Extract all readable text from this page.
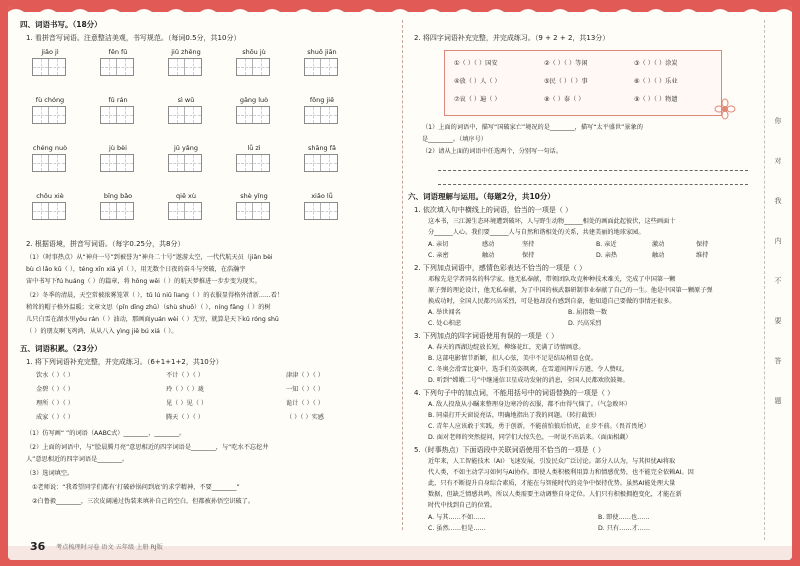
四、词语书写。（18分）
1. 看拼音写词语。注意整洁美观，书写规范。（每词0.5分，共10分）
jiǎo jì	fēn fū	jiǔ zhēng	shǒu jù	shuō jiān
fù chóng	fǔ rán	sì wǔ	gāng luò	fǒng jiē
chéng nuò	jù bèi	jū yǎng	lǚ zì	shāng fǎ
chōu xiè	bīng bǎo	qiē xù	shè yǐng	xiǎo lǚ
2. 根据语境，拼音写词语。（每字0.25分，共8分）
（1）（时事热点）从“神舟一号”到被誉为“神舟二十号”遨游太空，一代代航天员（jiān bèi
bù cì lǎo kǔ（ ），téng xīn xiǎ yǐ（ ），用无数个日夜的奋斗与突破，在浩瀚宇
宙中书写下fú huáng（ ）的篇章，将 hōng wěi（ ）的航天梦推进一步步变为现实。
（2）冬季的清晨，天空常被浓雾笼罩（ ），tǔ lú niǔ lìang（ ）的衣服显得格外清新......看！
稍耸的帽子格外温暖；文章文思（pǐn dīng zhū）（shù shuō）（ ），níng fāng（ ）的树
儿只白雪在湖水里yǒu rán（ ）油动，那画面yuán wèi（ ）无穷，就算是天下kǔ róng shū
（ ）的朋友啊飞鸡鸿，从从八入 yìng jiē bú xiá（ ）。
五、词语积累。（23分）
1. 将下列词语补充完整，并完成练习。（6+1+1+2，共10分）
饮水（ ）（ ）	不计（ ）（ ）	津津（ ）（ ）
金碧（ ）（ ）	玲（ ）（ ）珑	一知（ ）（ ）
理所（ ）（ ）	见（ ）见（ ）	诡计（ ）（ ）
成家（ ）（ ）	腾天（ ）（ ）	（ ）（ ）实感
（1）仿写画“ ”的词语（AABC式）________、________。
（2）上面的词语中，与“脍晨腾月亮”意思相近的四字词语是________，与“吃水不忘挖井
人”意思相近的四字词语是________。
（3）选词填空。
①老师说：“我希望同学们都有‘打破砂锅问到底’的求学精神，不要________”
②白鲁毅________，三次皮阔通过伪装来填补自己的空白，但都被孙悟空识破了。
36 考点梳理时习卷 语文 五年级 上册 RJ版
2. 将四字词语补充完整，并完成练习。（9 + 2 + 2，共13分）
①（ ）（ ）国安	②（ ）（ ）等闲	③（ ）（ ）涂炭
④放（ ）人（ ）	⑤民（ ）（ ）事	⑥（ ）（ ）乐业
⑦哀（ ）遍（ ）	⑧（ ）泰（ ）	⑨（ ）（ ）物遗
（1）上面的词语中，描写“国破家亡”境况的是________，描写“太平盛世”景象的
是________。（填序号）
（2）请从上面的词语中任选两个，分别写一句话。
六、词语理解与运用。（每题2分，共10分）
1. 依次填入句中横线上的词语，恰当的一项是（ ）
这本书，三江源生态环境遭到破坏，人与野生动物______相处的画面此起彼伏，这些画面十
分______人心。我们要______人与自然和谐相处的关系，共建美丽的地球家园。
A. 亲切	感动	坚持	B. 亲近	激动	保持
C. 亲密	触动	保持	D. 亲热	触动	维持
2. 下列加点词语中，感情色彩表达不恰当的一项是（ ）
邓稼先是学者同名的科学家。他无私奉献，带领团队攻克种种技术难关，完成了中国第一颗
原子弹的理论设计，他无私奉献，为了中国的核武器研制事业奉献了自己的一生。他是中国第一颗原子弹
换成功时，全国人民都兴高采烈，可是他却没有感到自豪，他知道自己要做的事情还很多。
A. 举世闻名	B. 屈指数一数
C. 处心积虑	D. 兴高采烈
3. 下列加点的四字词语使用有误的一项是（ ）
A. 春天的西湖边绽放长短，柳绦花红，充满了诗情画意。
B. 这部电影情节新颖，扣人心弦，美中不足是结局稍显仓促。
C. 冬奥会滑雪比赛中，选手们英姿飒爽，在雪道间挥斥方遒，令人赞叹。
D. 听到“嫦娥二号”中继通信卫星成功发射的消息，全国人民都欢欣鼓舞。
4. 下列句子中的加点词，不能用括号中的词语替换的一项是（ ）
A. 敌人投敌从小瞩来整理身边寒冷的衣服，都不由得气恼了。（气急败坏）
B. 同桌打开天窗说亮话，明确地指出了我的问题。（转打截铁）
C. 青年人应该敢于实践，勇于创新，不能前怕狼后怕虎，止步不前。（畏首畏尾）
D. 面对老师的突然提问，同学们大惊失色，一时说不出话来。（面面相觑）
5.（时事热点）下面语段中关联词语使用不恰当的一项是（ ）
近年来，人工智能技术（AI）飞速发展，引发民众广泛讨论。部分人认为，与其担忧AI将取
代人类，不如主动学习如何与AI协作。即使人类积极利用算力和情感优势，也不能完全依赖AI。因
此，只有不断提升自身综合素质，才能在与智能时代的竞争中保持优势。虽然AI能处理大量
数据，但缺乏情感共鸣，所以人类需要主动调整自身定位。人们只有积极拥抱变化，才能在新
时代中找到自己的位置。
A. 与其……不如……	B. 即使……也……
C. 虽然……但是……	D. 只有……才……
你
对
我
内
不
要
答
题
